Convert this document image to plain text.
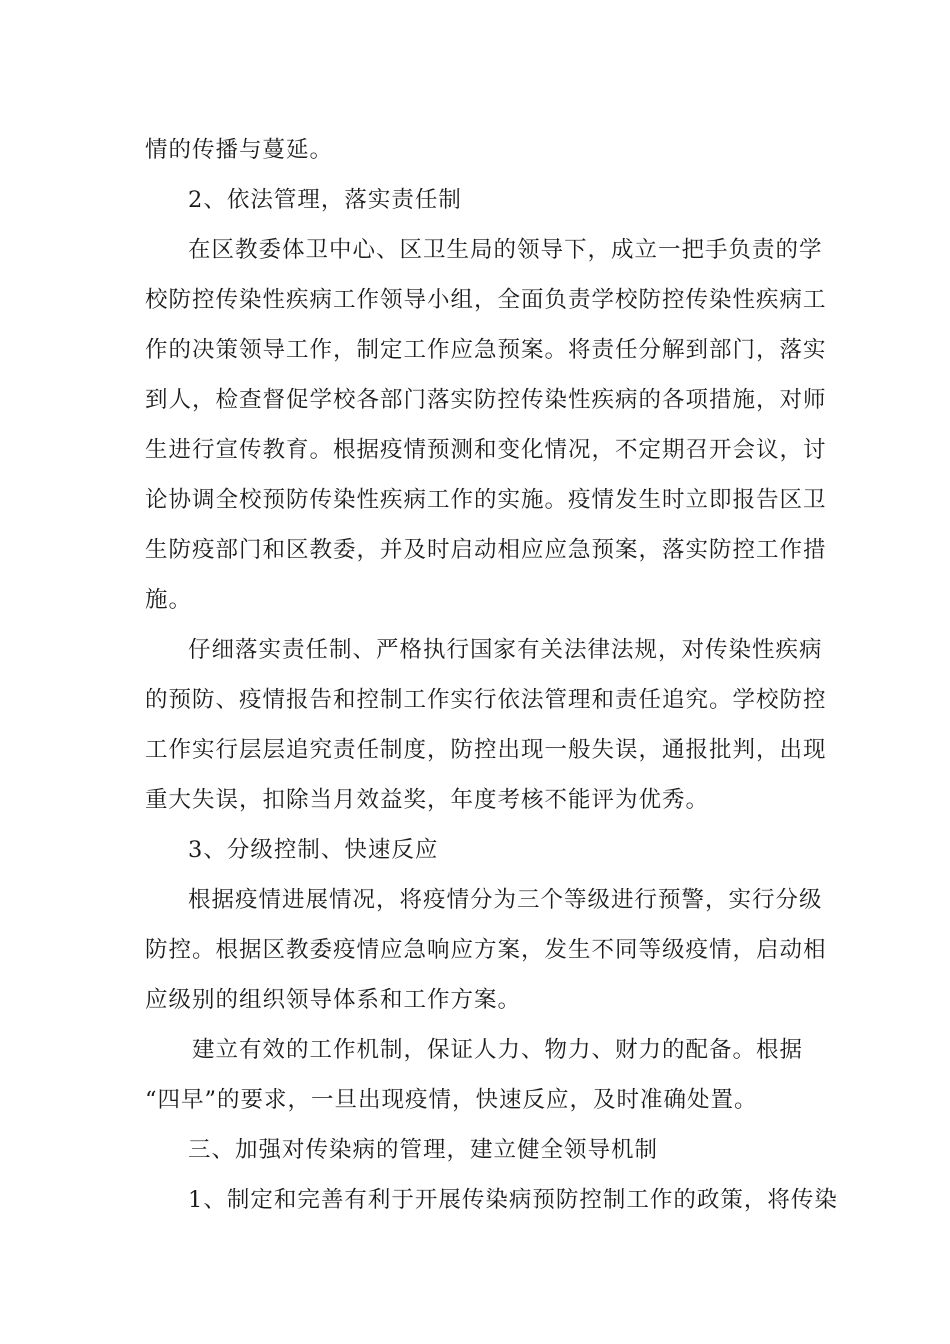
情的传播与蔓延。
2、依法管理，落实责任制
在区教委体卫中心、区卫生局的领导下，成立一把手负责的学
校防控传染性疾病工作领导小组，全面负责学校防控传染性疾病工
作的决策领导工作，制定工作应急预案。将责任分解到部门，落实
到人，检查督促学校各部门落实防控传染性疾病的各项措施，对师
生进行宣传教育。根据疫情预测和变化情况，不定期召开会议，讨
论协调全校预防传染性疾病工作的实施。疫情发生时立即报告区卫
生防疫部门和区教委，并及时启动相应应急预案，落实防控工作措
施。
仔细落实责任制、严格执行国家有关法律法规，对传染性疾病
的预防、疫情报告和控制工作实行依法管理和责任追究。学校防控
工作实行层层追究责任制度，防控出现一般失误，通报批判，出现
重大失误，扣除当月效益奖，年度考核不能评为优秀。
3、分级控制、快速反应
根据疫情进展情况，将疫情分为三个等级进行预警，实行分级
防控。根据区教委疫情应急响应方案，发生不同等级疫情，启动相
应级别的组织领导体系和工作方案。
建立有效的工作机制，保证人力、物力、财力的配备。根据
“四早”的要求，一旦出现疫情，快速反应，及时准确处置。
三、加强对传染病的管理，建立健全领导机制
1、制定和完善有利于开展传染病预防控制工作的政策，将传染
